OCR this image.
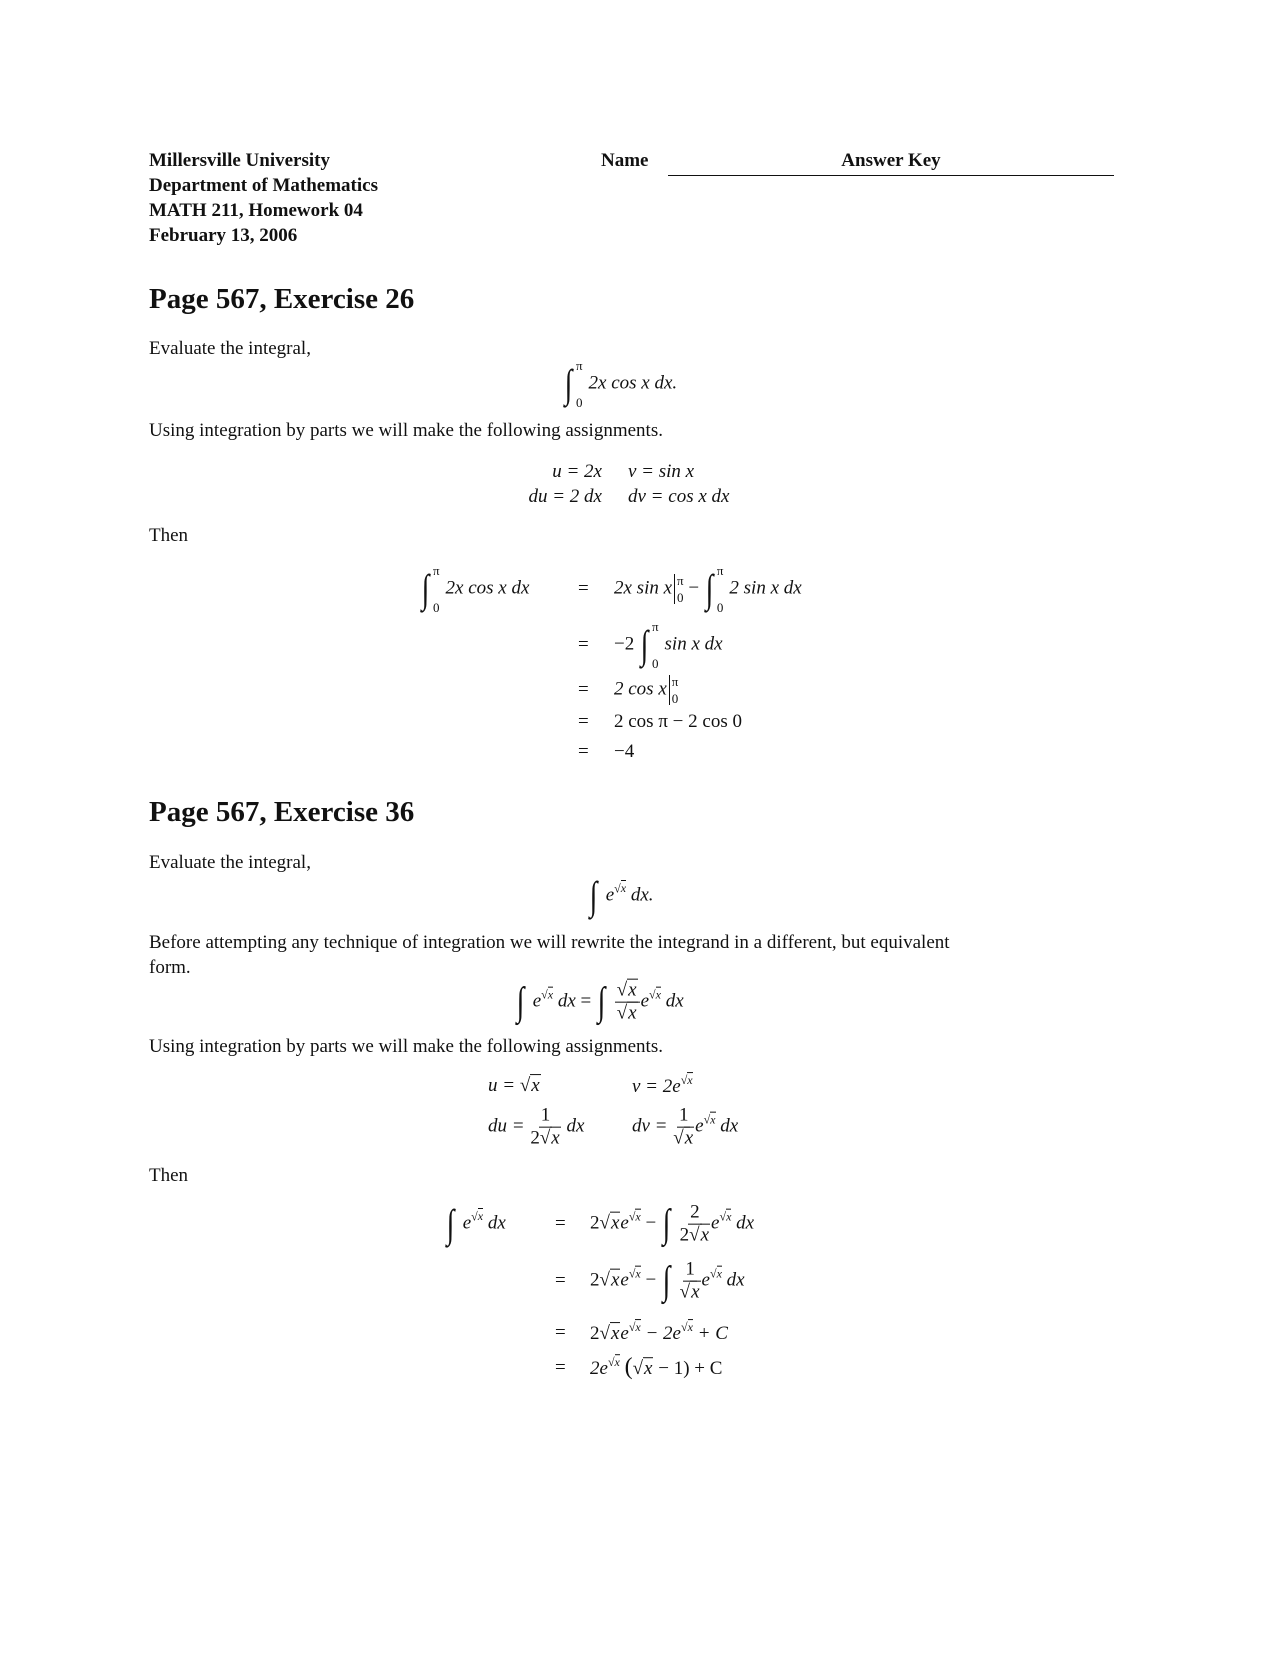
Millersville University
Department of Mathematics
MATH 211, Homework 04
February 13, 2006
Name	Answer Key
Page 567, Exercise 26
Evaluate the integral,
∫ π
0
2x cos x dx.
Using integration by parts we will make the following assignments.
u = 2x
du = 2 dx
v = sin x
dv = cos x dx
Then
∫ π
0
2x cos x dx	= 2x sin x π
0 − ∫ π
0
2 sin x dx
= −2 ∫ π
0
sin x dx
= 2 cos x π
0
= 2 cos π − 2 cos 0
= −4
Page 567, Exercise 36
Evaluate the integral,
∫ $e^{√x}$ dx.
Before attempting any technique of integration we will rewrite the integrand in a different, but equivalent
form.
∫ $e^{√x}$ dx = ∫ $\frac{√x}{√x} e^{√x}$ dx
Using integration by parts we will make the following assignments.
u = √x
du = $\frac{1}{2√x}$ dx
$v = 2e^{√x}$
dv = $\frac{1}{√x} e^{√x}$ dx
Then
∫ $e^{√x}$ dx	= $2√xe^{√x}$ − ∫ $\frac{2}{2√x} e^{√x}$ dx
= $2√xe^{√x}$ − ∫ $\frac{1}{√x} e^{√x}$ dx
= $2√xe^{√x} - 2e^{√x} + C$
= $2e^{√x}$ (√x − 1) + C
